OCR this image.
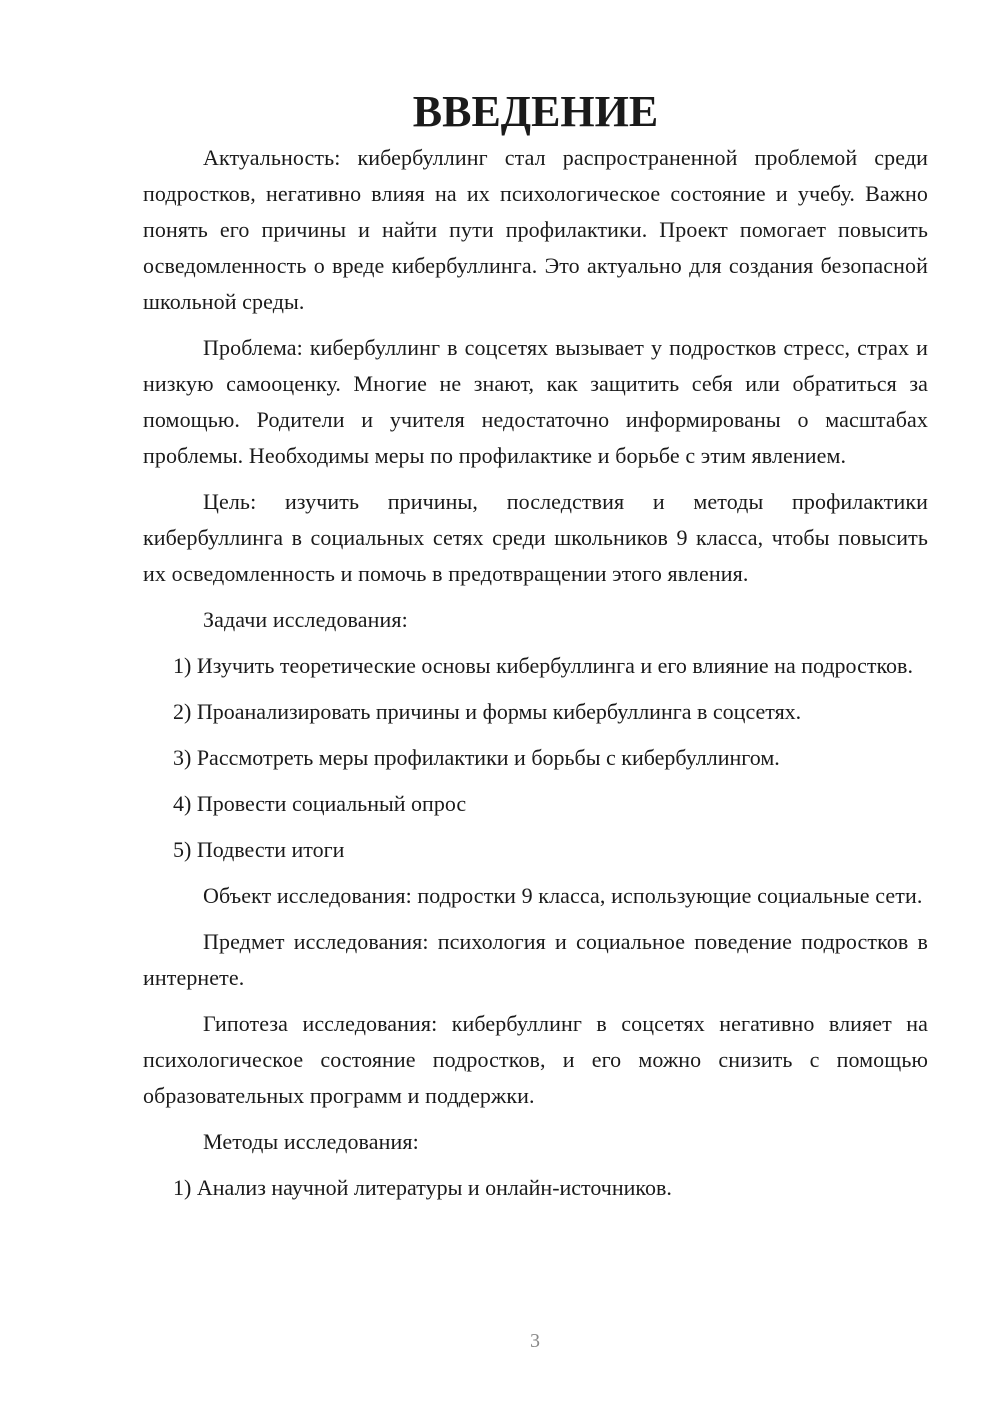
ВВЕДЕНИЕ

Актуальность: кибербуллинг стал распространенной проблемой среди подростков, негативно влияя на их психологическое состояние и учебу. Важно понять его причины и найти пути профилактики. Проект помогает повысить осведомленность о вреде кибербуллинга. Это актуально для создания безопасной школьной среды.

Проблема: кибербуллинг в соцсетях вызывает у подростков стресс, страх и низкую самооценку. Многие не знают, как защитить себя или обратиться за помощью. Родители и учителя недостаточно информированы о масштабах проблемы. Необходимы меры по профилактике и борьбе с этим явлением.

Цель: изучить причины, последствия и методы профилактики кибербуллинга в социальных сетях среди школьников 9 класса, чтобы повысить их осведомленность и помочь в предотвращении этого явления.

Задачи исследования:

1) Изучить теоретические основы кибербуллинга и его влияние на подростков.

2) Проанализировать причины и формы кибербуллинга в соцсетях.

3) Рассмотреть меры профилактики и борьбы с кибербуллингом.

4) Провести социальный опрос

5) Подвести итоги

Объект исследования: подростки 9 класса, использующие социальные сети.

Предмет исследования: психология и социальное поведение подростков в интернете.

Гипотеза исследования: кибербуллинг в соцсетях негативно влияет на психологическое состояние подростков, и его можно снизить с помощью образовательных программ и поддержки.

Методы исследования:

1) Анализ научной литературы и онлайн-источников.

3
